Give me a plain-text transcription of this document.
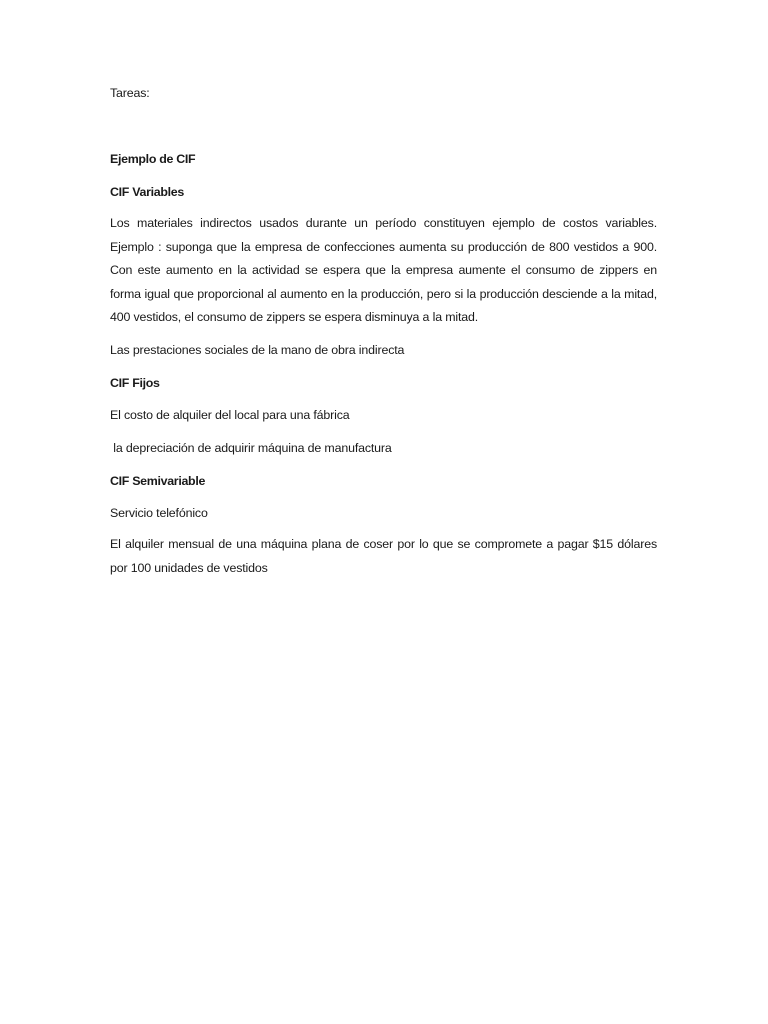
Tareas:
Ejemplo de CIF
CIF Variables
Los materiales indirectos usados durante un período constituyen ejemplo de costos variables. Ejemplo : suponga que la empresa de confecciones aumenta su producción de 800 vestidos a 900. Con este aumento en la actividad se espera que la empresa aumente el consumo de zippers en forma igual que proporcional al aumento en la producción, pero si la producción desciende a la mitad, 400 vestidos, el consumo de zippers se espera disminuya a la mitad.
Las prestaciones sociales de la mano de obra indirecta
CIF Fijos
El costo de alquiler del local para una fábrica
la depreciación de adquirir máquina de manufactura
CIF Semivariable
Servicio telefónico
El alquiler mensual de una máquina plana de coser por lo que se compromete a pagar $15 dólares por 100 unidades de vestidos
